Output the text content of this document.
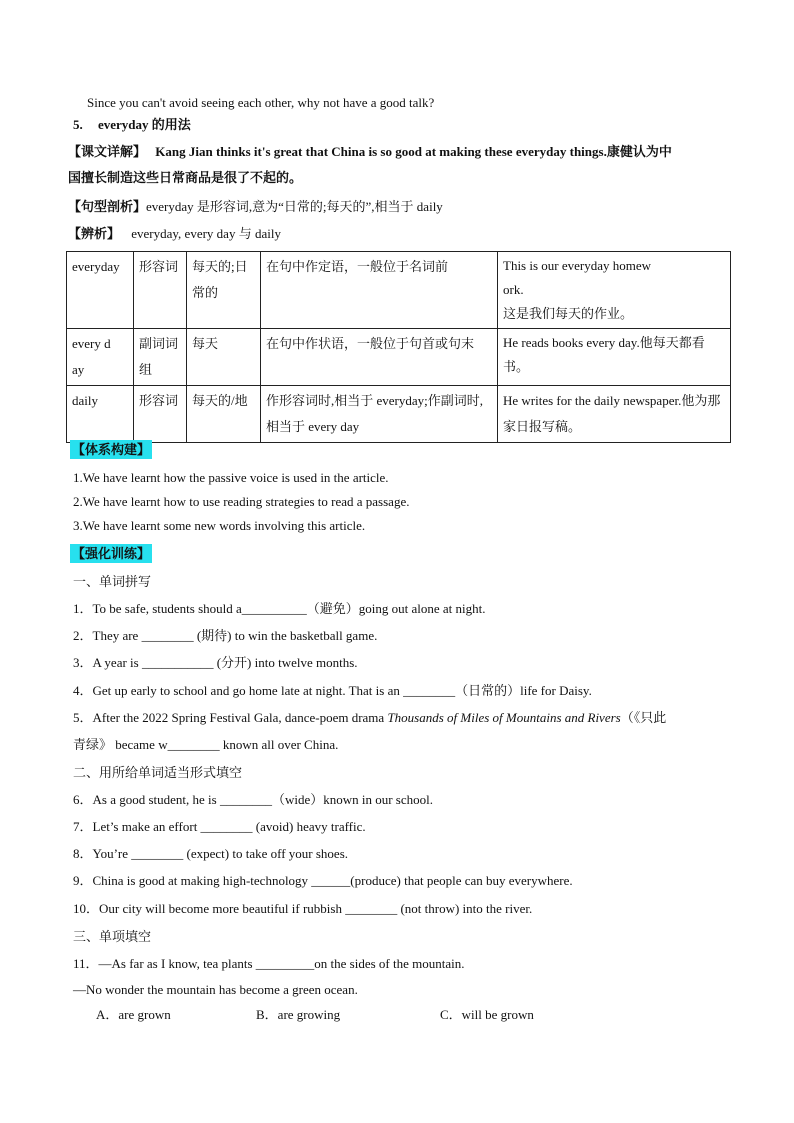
Since you can't avoid seeing each other, why not have a good talk?
5. everyday 的用法
【课文详解】 Kang Jian thinks it's great that China is so good at making these everyday things.康健认为中
国擅长制造这些日常商品是很了不起的。
【句型剖析】everyday 是形容词,意为“日常的;每天的”,相当于 daily
【辨析】 everyday, every day 与 daily
everyday	形容词	每天的;日常的	在句中作定语，一般位于名词前	This is our everyday homework.
这是我们每天的作业。

every day	副词词组	每天	在句中作状语，一般位于句首或句末	He reads books every day.他每天都看书。
daily	形容词	每天的/地	作形容词时,相当于 everyday;作副词时,相当于 every day	He writes for the daily newspaper.他为那家日报写稿。
【体系构建】
1.We have learnt how the passive voice is used in the article.
2.We have learnt how to use reading strategies to read a passage.
3.We have learnt some new words involving this article.
【强化训练】
一、单词拼写
1．To be safe, students should a__________（避免）going out alone at night.
2．They are ________ (期待) to win the basketball game.
3．A year is ___________ (分开) into twelve months.
4．Get up early to school and go home late at night. That is an ________（日常的）life for Daisy.
5．After the 2022 Spring Festival Gala, dance-poem drama Thousands of Miles of Mountains and Rivers（《只此
青绿》 became w________ known all over China.
二、用所给单词适当形式填空
6．As a good student, he is ________（wide）known in our school.
7．Let’s make an effort ________ (avoid) heavy traffic.
8．You’re ________ (expect) to take off your shoes.
9．China is good at making high-technology ______(produce) that people can buy everywhere.
10．Our city will become more beautiful if rubbish ________ (not throw) into the river.
三、单项填空
11．—As far as I know, tea plants _________on the sides of the mountain.
—No wonder the mountain has become a green ocean.
A．are grown	B．are growing	C．will be grown
